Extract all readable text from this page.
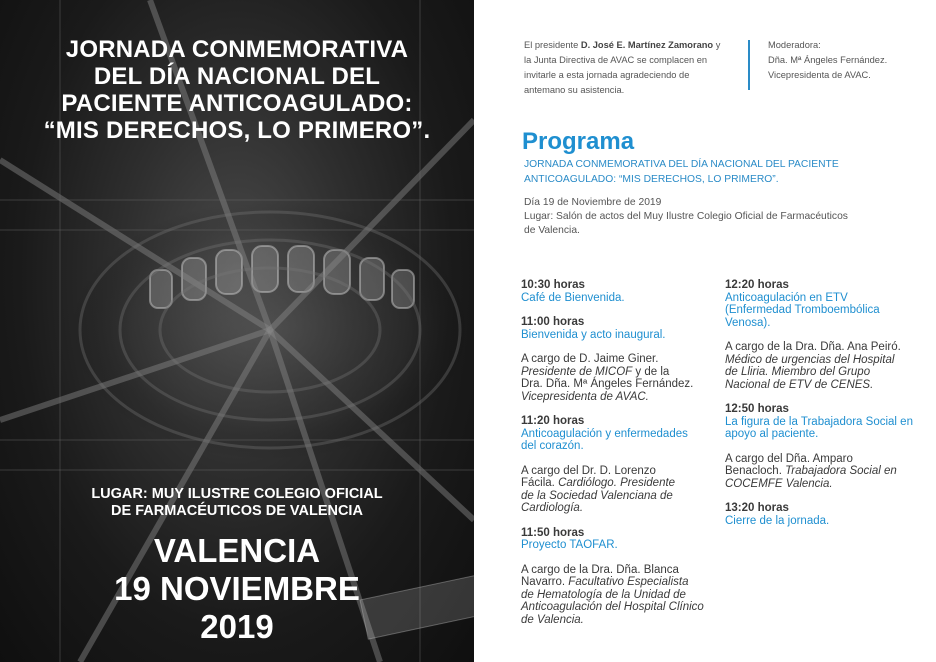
JORNADA CONMEMORATIVA
DEL DÍA NACIONAL DEL
PACIENTE ANTICOAGULADO:
“MIS DERECHOS, LO PRIMERO”.
LUGAR: MUY ILUSTRE COLEGIO OFICIAL
DE FARMACÉUTICOS DE VALENCIA
VALENCIA
19 NOVIEMBRE
2019
El presidente D. José E. Martínez Zamorano y la Junta Directiva de AVAC se complacen en invitarle a esta jornada agradeciendo de antemano su asistencia.
Moderadora:
Dña. Mª Ángeles Fernández.
Vicepresidenta de AVAC.
Programa
JORNADA CONMEMORATIVA DEL DÍA NACIONAL DEL PACIENTE
ANTICOAGULADO: “MIS DERECHOS, LO PRIMERO”.
Día 19 de Noviembre de 2019
Lugar: Salón de actos del Muy Ilustre Colegio Oficial de Farmacéuticos
de Valencia.
10:30 horas
Café de Bienvenida.
11:00 horas
Bienvenida y acto inaugural.
A cargo de D. Jaime Giner.
Presidente de MICOF y de la
Dra. Dña. Mª Ángeles Fernández.
Vicepresidenta de AVAC.
11:20 horas
Anticoagulación y enfermedades
del corazón.
A cargo del Dr. D. Lorenzo
Fácila. Cardiólogo. Presidente
de la Sociedad Valenciana de
Cardiología.
11:50 horas
Proyecto TAOFAR.
A cargo de la Dra. Dña. Blanca
Navarro. Facultativo Especialista
de Hematología de la Unidad de
Anticoagulación del Hospital Clínico
de Valencia.
12:20 horas
Anticoagulación en ETV
(Enfermedad Tromboembólica
Venosa).
A cargo de la Dra. Dña. Ana Peiró.
Médico de urgencias del Hospital
de Lliria. Miembro del Grupo
Nacional de ETV de CENES.
12:50 horas
La figura de la Trabajadora Social en
apoyo al paciente.
A cargo del Dña. Amparo
Benacloch. Trabajadora Social en
COCEMFE Valencia.
13:20 horas
Cierre de la jornada.
